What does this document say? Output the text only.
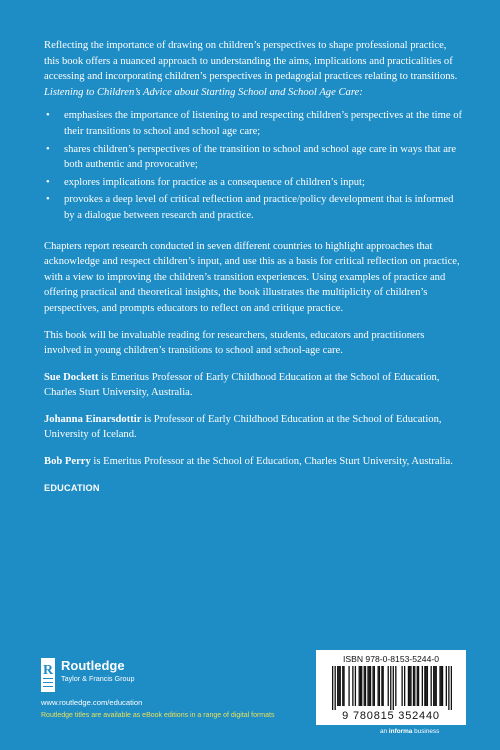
Reflecting the importance of drawing on children’s perspectives to shape professional practice, this book offers a nuanced approach to understanding the aims, implications and practicalities of accessing and incorporating children’s perspectives in pedagogial practices relating to transitions. Listening to Children’s Advice about Starting School and School Age Care:

• emphasises the importance of listening to and respecting children’s perspectives at the time of their transitions to school and school age care;
• shares children’s perspectives of the transition to school and school age care in ways that are both authentic and provocative;
• explores implications for practice as a consequence of children’s input;
• provokes a deep level of critical reflection and practice/policy development that is informed by a dialogue between research and practice.

Chapters report research conducted in seven different countries to highlight approaches that acknowledge and respect children’s input, and use this as a basis for critical reflection on practice, with a view to improving the children’s transition experiences. Using examples of practice and offering practical and theoretical insights, the book illustrates the multiplicity of children’s perspectives, and prompts educators to reflect on and critique practice.

This book will be invaluable reading for researchers, students, educators and practitioners involved in young children’s transitions to school and school-age care.

Sue Dockett is Emeritus Professor of Early Childhood Education at the School of Education, Charles Sturt University, Australia.

Johanna Einarsdottir is Professor of Early Childhood Education at the School of Education, University of Iceland.

Bob Perry is Emeritus Professor at the School of Education, Charles Sturt University, Australia.

EDUCATION
R Routledge
Taylor & Francis Group
www.routledge.com/education
Routledge titles are available as eBook editions in a range of digital formats
ISBN 978-0-8153-5244-0
9 780815 352440
an informa business
